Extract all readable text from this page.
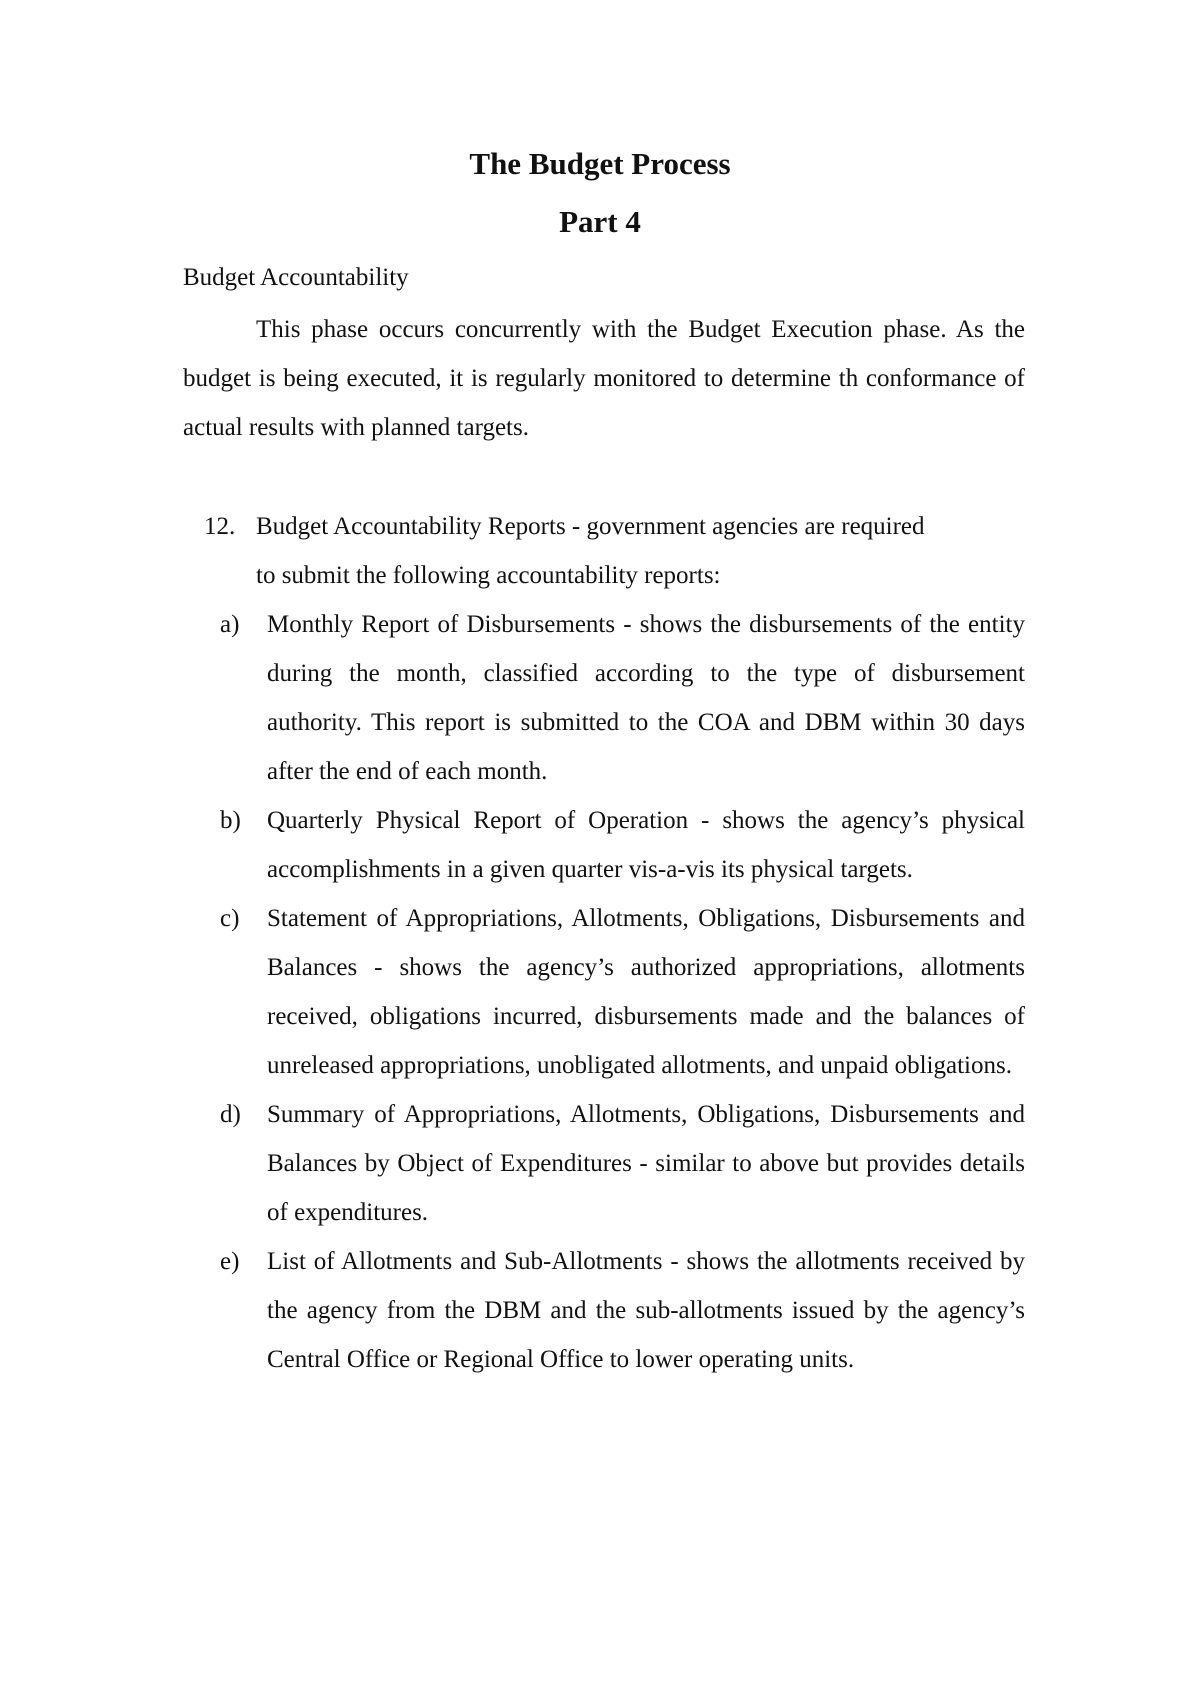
The Budget Process
Part 4

Budget Accountability

This phase occurs concurrently with the Budget Execution phase. As the budget is being executed, it is regularly monitored to determine th conformance of actual results with planned targets.

12. Budget Accountability Reports - government agencies are required
to submit the following accountability reports:

a) Monthly Report of Disbursements - shows the disbursements of the entity during the month, classified according to the type of disbursement authority. This report is submitted to the COA and DBM within 30 days after the end of each month.
b) Quarterly Physical Report of Operation - shows the agency’s physical accomplishments in a given quarter vis-a-vis its physical targets.
c) Statement of Appropriations, Allotments, Obligations, Disbursements and Balances - shows the agency’s authorized appropriations, allotments received, obligations incurred, disbursements made and the balances of unreleased appropriations, unobligated allotments, and unpaid obligations.
d) Summary of Appropriations, Allotments, Obligations, Disbursements and Balances by Object of Expenditures - similar to above but provides details of expenditures.
e) List of Allotments and Sub-Allotments - shows the allotments received by the agency from the DBM and the sub-allotments issued by the agency’s Central Office or Regional Office to lower operating units.
